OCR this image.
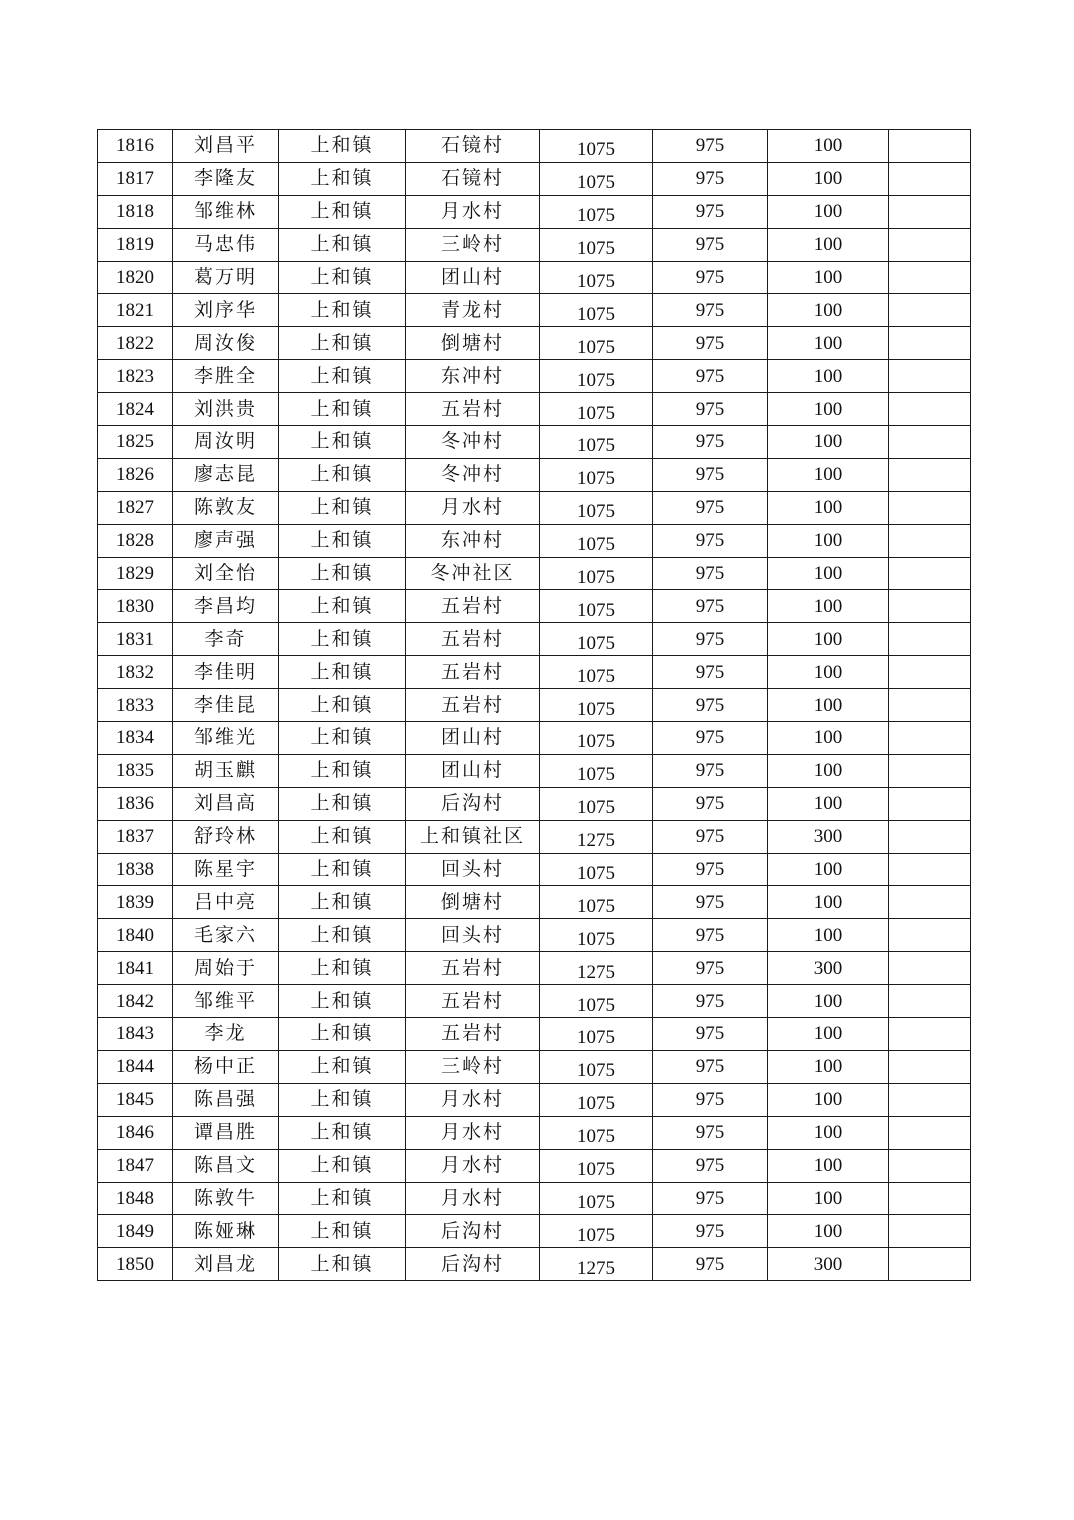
1816	刘昌平	上和镇	石镜村	1075	975	100	
1817	李隆友	上和镇	石镜村	1075	975	100	
1818	邹维林	上和镇	月水村	1075	975	100	
1819	马忠伟	上和镇	三岭村	1075	975	100	
1820	葛万明	上和镇	团山村	1075	975	100	
1821	刘序华	上和镇	青龙村	1075	975	100	
1822	周汝俊	上和镇	倒塘村	1075	975	100	
1823	李胜全	上和镇	东冲村	1075	975	100	
1824	刘洪贵	上和镇	五岩村	1075	975	100	
1825	周汝明	上和镇	冬冲村	1075	975	100	
1826	廖志昆	上和镇	冬冲村	1075	975	100	
1827	陈敦友	上和镇	月水村	1075	975	100	
1828	廖声强	上和镇	东冲村	1075	975	100	
1829	刘全怡	上和镇	冬冲社区	1075	975	100	
1830	李昌均	上和镇	五岩村	1075	975	100	
1831	李奇	上和镇	五岩村	1075	975	100	
1832	李佳明	上和镇	五岩村	1075	975	100	
1833	李佳昆	上和镇	五岩村	1075	975	100	
1834	邹维光	上和镇	团山村	1075	975	100	
1835	胡玉麒	上和镇	团山村	1075	975	100	
1836	刘昌高	上和镇	后沟村	1075	975	100	
1837	舒玲林	上和镇	上和镇社区	1275	975	300	
1838	陈星宇	上和镇	回头村	1075	975	100	
1839	吕中亮	上和镇	倒塘村	1075	975	100	
1840	毛家六	上和镇	回头村	1075	975	100	
1841	周始于	上和镇	五岩村	1275	975	300	
1842	邹维平	上和镇	五岩村	1075	975	100	
1843	李龙	上和镇	五岩村	1075	975	100	
1844	杨中正	上和镇	三岭村	1075	975	100	
1845	陈昌强	上和镇	月水村	1075	975	100	
1846	谭昌胜	上和镇	月水村	1075	975	100	
1847	陈昌文	上和镇	月水村	1075	975	100	
1848	陈敦牛	上和镇	月水村	1075	975	100	
1849	陈娅琳	上和镇	后沟村	1075	975	100	
1850	刘昌龙	上和镇	后沟村	1275	975	300	
